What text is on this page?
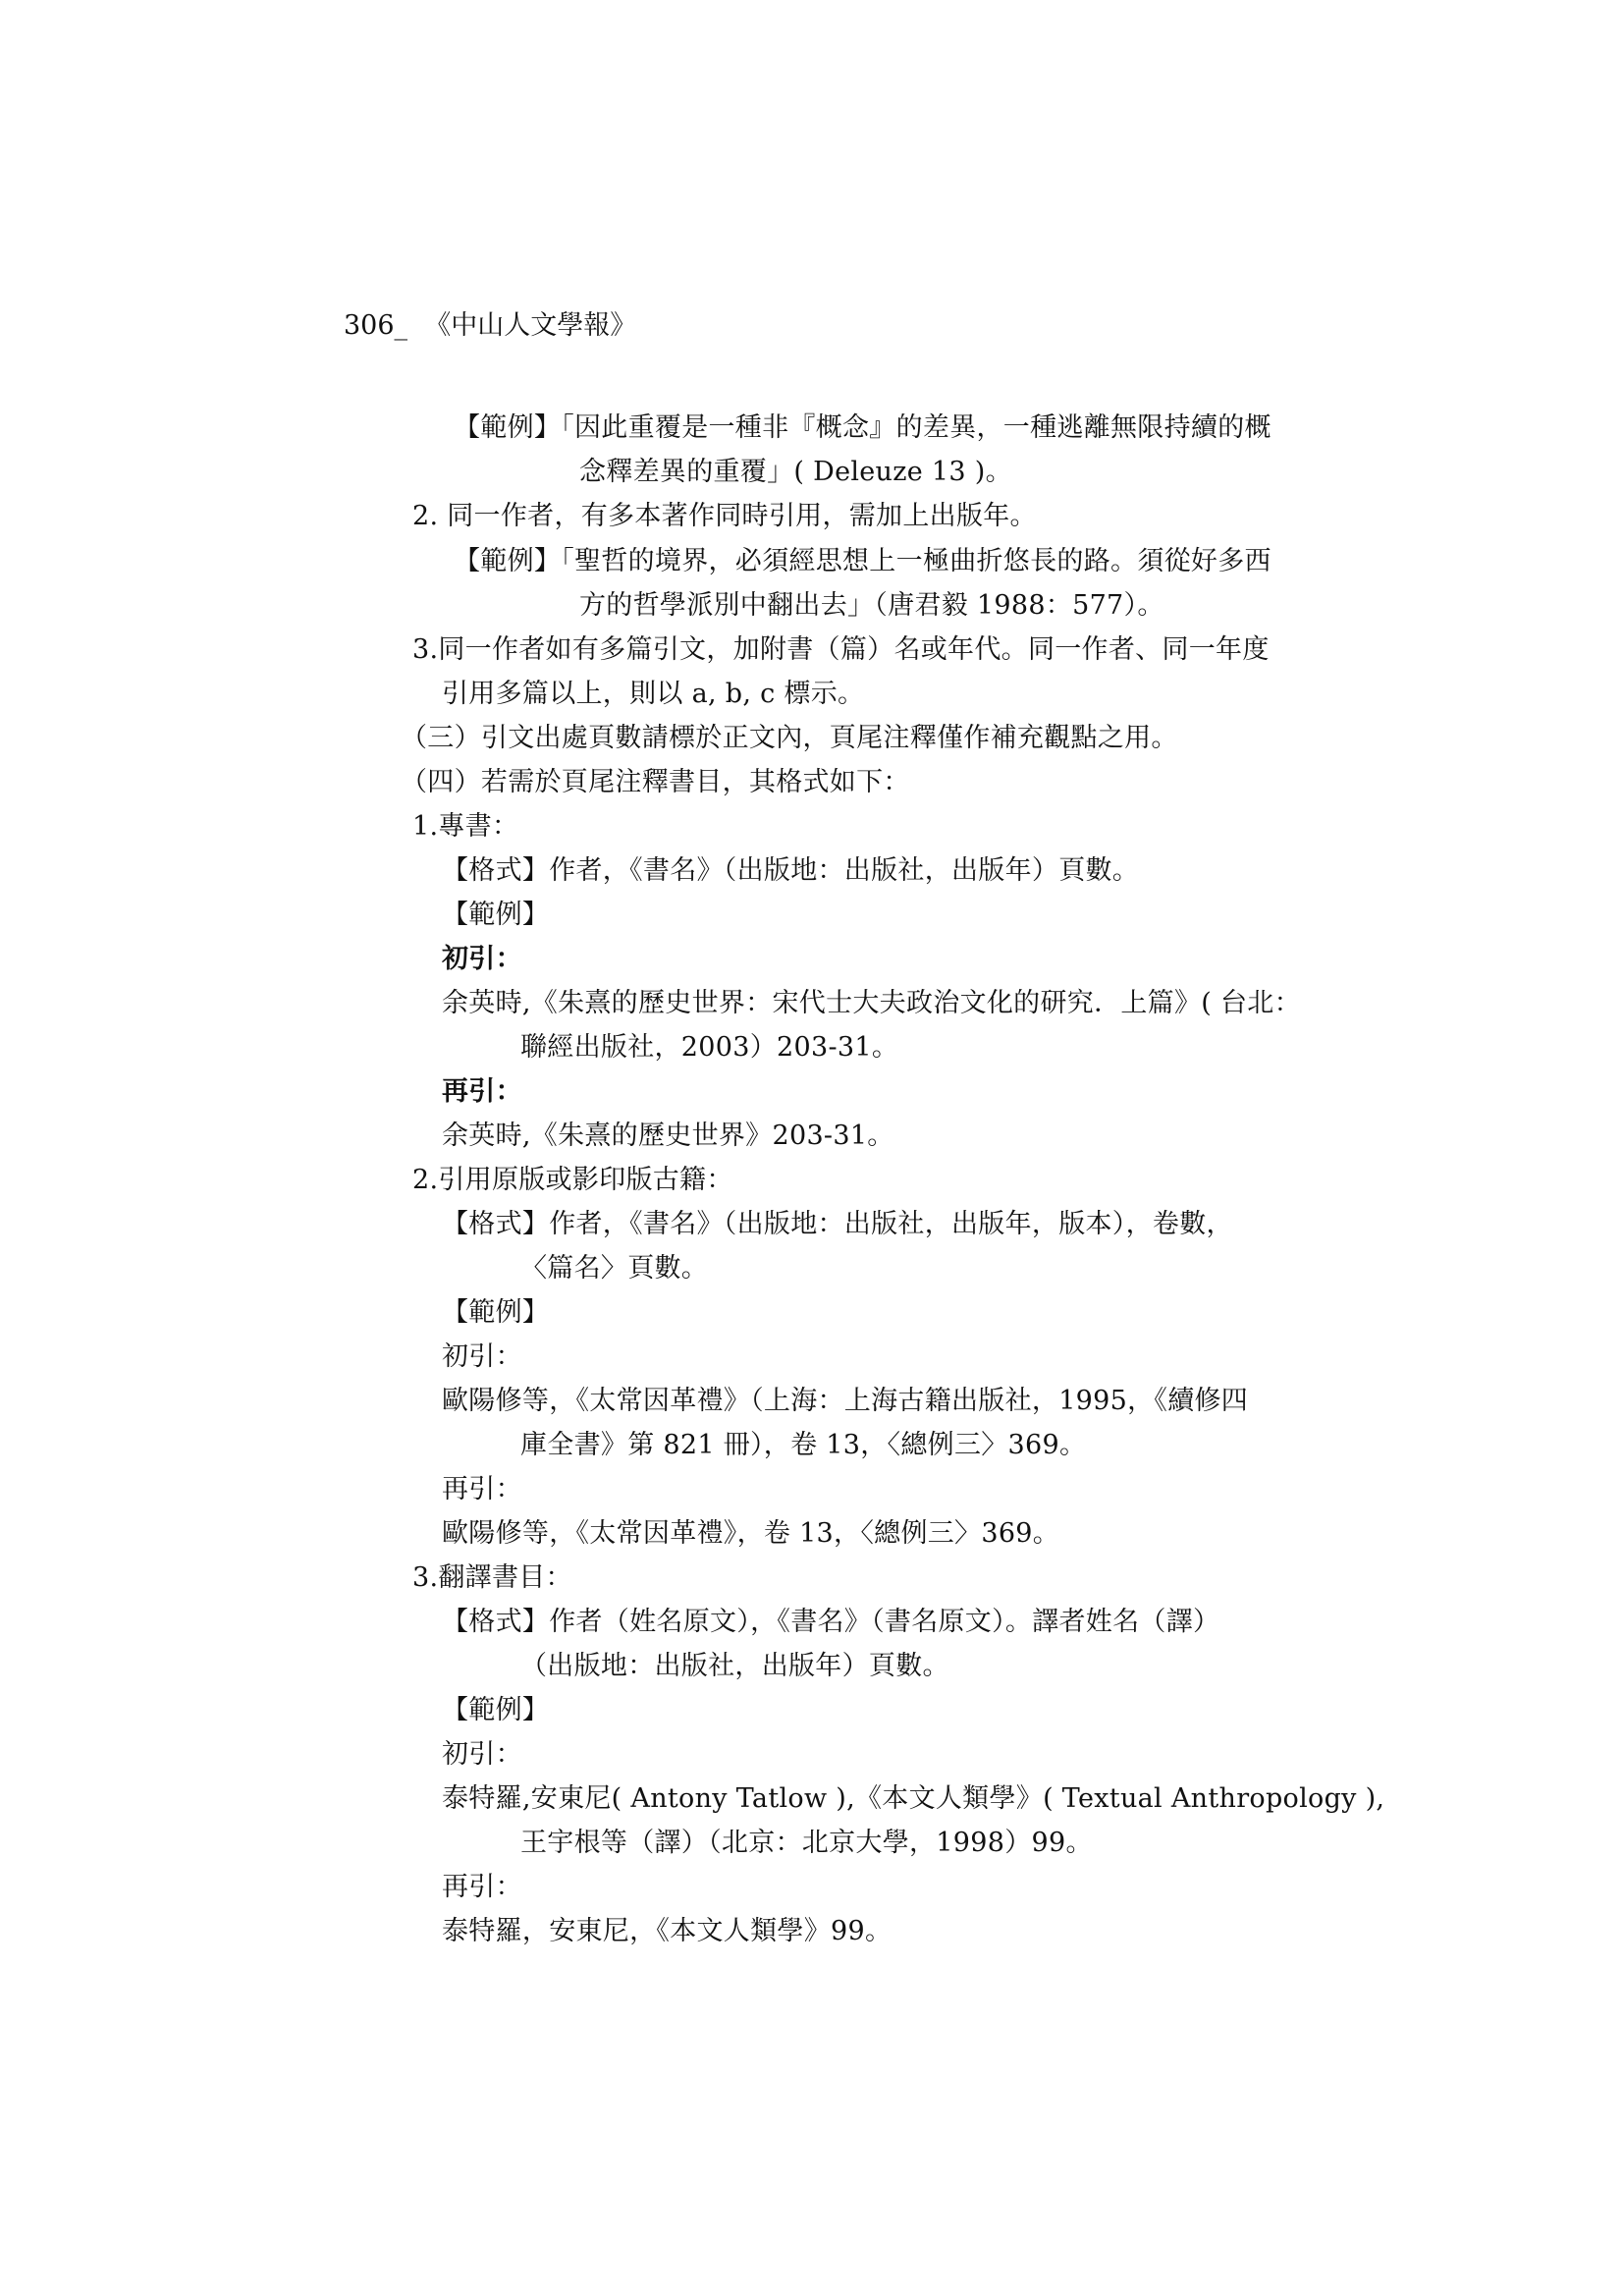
306_ 《中山人文學報》
【範例】「因此重覆是一種非『概念』的差異，一種逃離無限持續的概
念釋差異的重覆」( Deleuze 13 )。
2. 同一作者，有多本著作同時引用，需加上出版年。
【範例】「聖哲的境界，必須經思想上一極曲折悠長的路。須從好多西
方的哲學派別中翻出去」（唐君毅 1988：577）。
3.同一作者如有多篇引文，加附書（篇）名或年代。同一作者、同一年度
引用多篇以上，則以 a, b, c 標示。
（三）引文出處頁數請標於正文內，頁尾注釋僅作補充觀點之用。
（四）若需於頁尾注釋書目，其格式如下：
1.專書：
【格式】作者，《書名》（出版地：出版社，出版年）頁數。
【範例】
初引：
余英時,《朱熹的歷史世界：宋代士大夫政治文化的研究．上篇》( 台北：
聯經出版社，2003）203-31。
再引：
余英時,《朱熹的歷史世界》203-31。
2.引用原版或影印版古籍：
【格式】作者，《書名》（出版地：出版社，出版年，版本），卷數，
〈篇名〉頁數。
【範例】
初引：
歐陽修等，《太常因革禮》（上海：上海古籍出版社，1995，《續修四
庫全書》第 821 冊），卷 13，〈總例三〉369。
再引：
歐陽修等，《太常因革禮》，卷 13，〈總例三〉369。
3.翻譯書目：
【格式】作者（姓名原文），《書名》（書名原文）。譯者姓名（譯）
（出版地：出版社，出版年）頁數。
【範例】
初引：
泰特羅,安東尼( Antony Tatlow ),《本文人類學》( Textual Anthropology ),
王宇根等（譯）（北京：北京大學，1998）99。
再引：
泰特羅，安東尼，《本文人類學》99。
